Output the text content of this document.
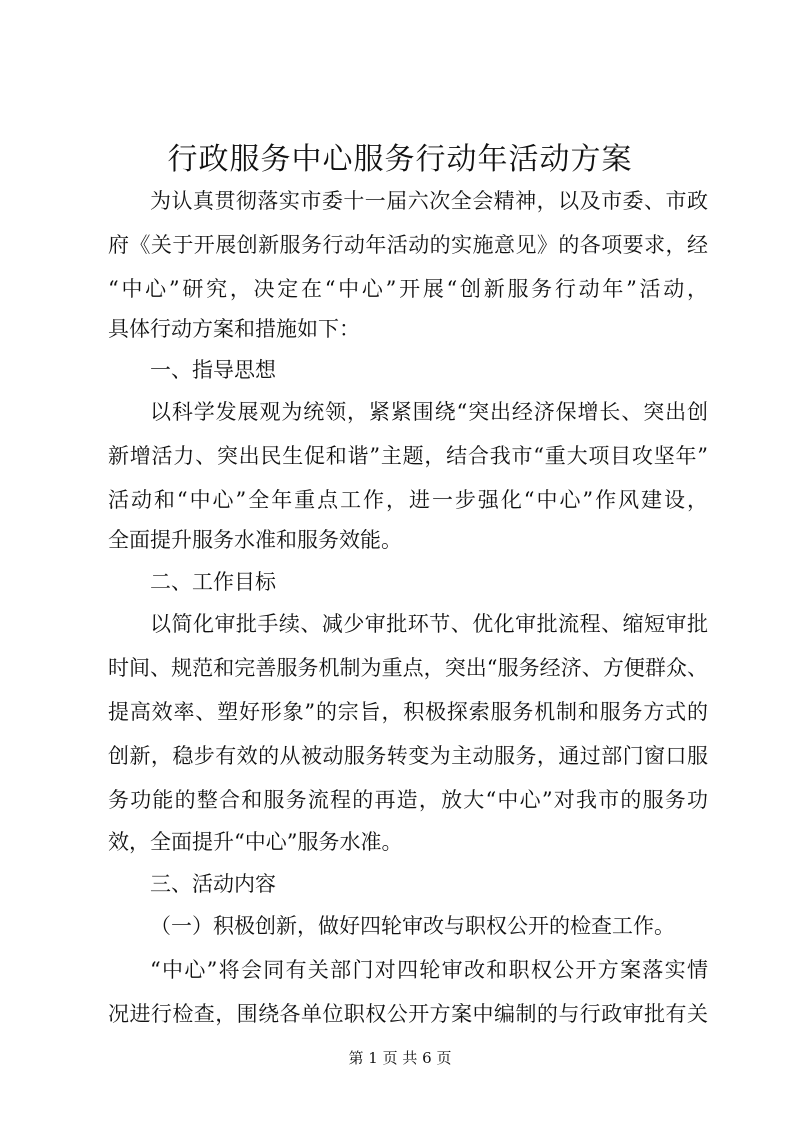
行政服务中心服务行动年活动方案

为认真贯彻落实市委十一届六次全会精神，以及市委、市政

府《关于开展创新服务行动年活动的实施意见》的各项要求，经

“中心”研究，决定在“中心”开展“创新服务行动年”活动，

具体行动方案和措施如下：

一、指导思想

以科学发展观为统领，紧紧围绕“突出经济保增长、突出创

新增活力、突出民生促和谐”主题，结合我市“重大项目攻坚年”

活动和“中心”全年重点工作，进一步强化“中心”作风建设，

全面提升服务水准和服务效能。

二、工作目标

以简化审批手续、减少审批环节、优化审批流程、缩短审批

时间、规范和完善服务机制为重点，突出“服务经济、方便群众、

提高效率、塑好形象”的宗旨，积极探索服务机制和服务方式的

创新，稳步有效的从被动服务转变为主动服务，通过部门窗口服

务功能的整合和服务流程的再造，放大“中心”对我市的服务功

效，全面提升“中心”服务水准。

三、活动内容

（一）积极创新，做好四轮审改与职权公开的检查工作。

“中心”将会同有关部门对四轮审改和职权公开方案落实情

况进行检查，围绕各单位职权公开方案中编制的与行政审批有关

第 1 页 共 6 页
